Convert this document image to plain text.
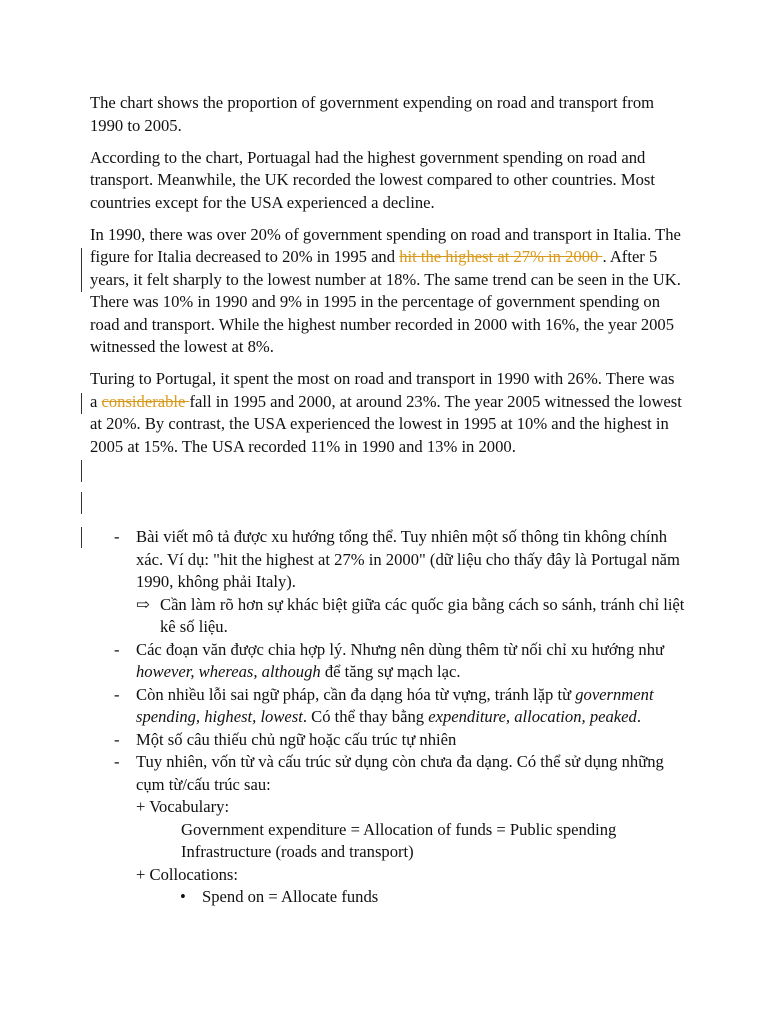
The chart shows the proportion of government expending on road and transport from 1990 to 2005.

According to the chart, Portuagal had the highest government spending on road and transport. Meanwhile, the UK recorded the lowest compared to other countries. Most countries except for the USA experienced a decline.

In 1990, there was over 20% of government spending on road and transport in Italia. The figure for Italia decreased to 20% in 1995 and hit the highest at 27% in 2000 . After 5 years, it felt sharply to the lowest number at 18%. The same trend can be seen in the UK. There was 10% in 1990 and 9% in 1995 in the percentage of government spending on road and transport. While the highest number recorded in 2000 with 16%, the year 2005 witnessed the lowest at 8%.

Turing to Portugal, it spent the most on road and transport in 1990 with 26%. There was a considerable fall in 1995 and 2000, at around 23%. The year 2005 witnessed the lowest at 20%. By contrast, the USA experienced the lowest in 1995 at 10% and the highest in 2005 at 15%. The USA recorded 11% in 1990 and 13% in 2000.

- Bài viết mô tả được xu hướng tổng thể. Tuy nhiên một số thông tin không chính xác. Ví dụ: "hit the highest at 27% in 2000" (dữ liệu cho thấy đây là Portugal năm 1990, không phải Italy).
⇨ Cần làm rõ hơn sự khác biệt giữa các quốc gia bằng cách so sánh, tránh chỉ liệt kê số liệu.
- Các đoạn văn được chia hợp lý. Nhưng nên dùng thêm từ nối chỉ xu hướng như however, whereas, although để tăng sự mạch lạc.
- Còn nhiều lỗi sai ngữ pháp, cần đa dạng hóa từ vựng, tránh lặp từ government spending, highest, lowest. Có thể thay bằng expenditure, allocation, peaked.
- Một số câu thiếu chủ ngữ hoặc cấu trúc tự nhiên
- Tuy nhiên, vốn từ và cấu trúc sử dụng còn chưa đa dạng. Có thể sử dụng những cụm từ/cấu trúc sau:
+ Vocabulary:
Government expenditure = Allocation of funds = Public spending
Infrastructure (roads and transport)
+ Collocations:
• Spend on = Allocate funds
